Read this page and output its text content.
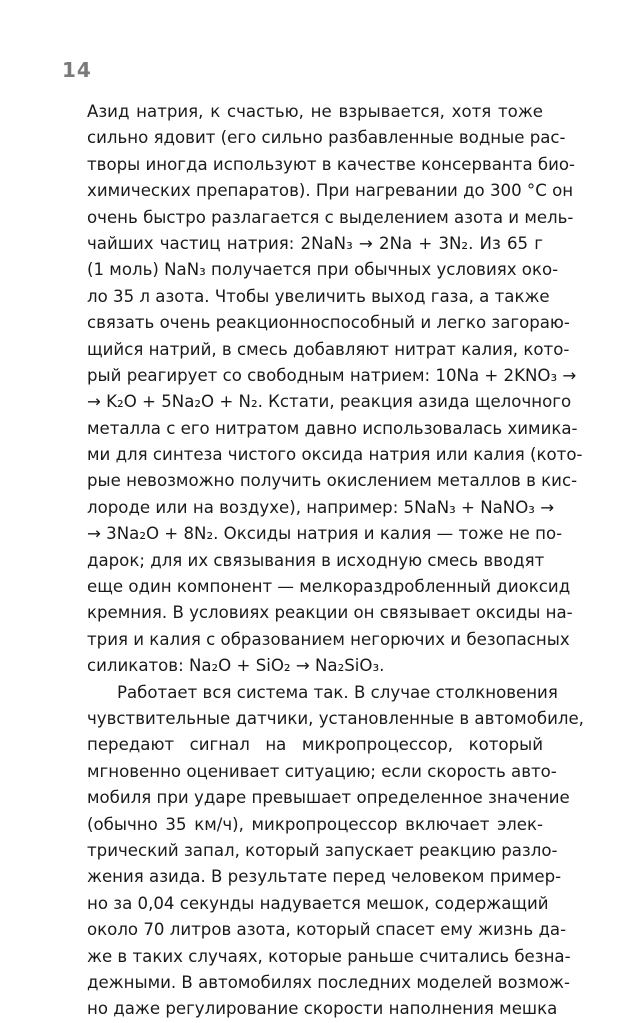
14
Азид натрия, к счастью, не взрывается, хотя тоже
сильно ядовит (его сильно разбавленные водные рас-
творы иногда используют в качестве консерванта био-
химических препаратов). При нагревании до 300 °C он
очень быстро разлагается с выделением азота и мель-
чайших частиц натрия: 2NaN₃ → 2Na + 3N₂. Из 65 г
(1 моль) NaN₃ получается при обычных условиях око-
ло 35 л азота. Чтобы увеличить выход газа, а также
связать очень реакционноспособный и легко загораю-
щийся натрий, в смесь добавляют нитрат калия, кото-
рый реагирует со свободным натрием: 10Na + 2KNO₃ →
→ K₂O + 5Na₂O + N₂. Кстати, реакция азида щелочного
металла с его нитратом давно использовалась химика-
ми для синтеза чистого оксида натрия или калия (кото-
рые невозможно получить окислением металлов в кис-
лороде или на воздухе), например: 5NaN₃ + NaNO₃ →
→ 3Na₂O + 8N₂. Оксиды натрия и калия — тоже не по-
дарок; для их связывания в исходную смесь вводят
еще один компонент — мелкораздробленный диоксид
кремния. В условиях реакции он связывает оксиды на-
трия и калия с образованием негорючих и безопасных
силикатов: Na₂O + SiO₂ → Na₂SiO₃.
Работает вся система так. В случае столкновения
чувствительные датчики, установленные в автомобиле,
передают сигнал на микропроцессор, который
мгновенно оценивает ситуацию; если скорость авто-
мобиля при ударе превышает определенное значение
(обычно 35 км/ч), микропроцессор включает элек-
трический запал, который запускает реакцию разло-
жения азида. В результате перед человеком пример-
но за 0,04 секунды надувается мешок, содержащий
около 70 литров азота, который спасет ему жизнь да-
же в таких случаях, которые раньше считались безна-
дежными. В автомобилях последних моделей возмож-
но даже регулирование скорости наполнения мешка
